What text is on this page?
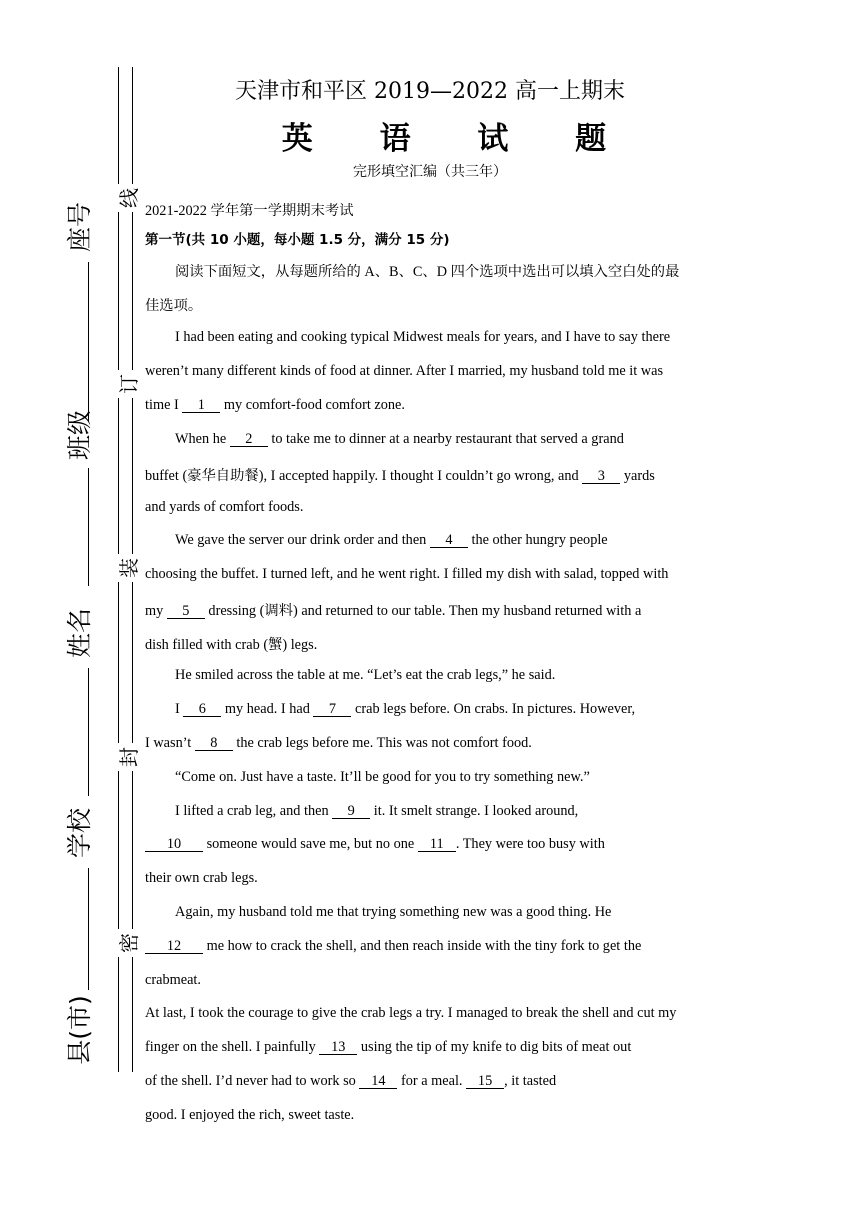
座号
班级
姓名
学校
县(市)
线
订
装
封
密
天津市和平区 2019—2022 高一上期末
英 语 试 题
完形填空汇编（共三年）
2021-2022 学年第一学期期末考试
第一节(共 10 小题，每小题 1.5 分，满分 15 分)
阅读下面短文，从每题所给的 A、B、C、D 四个选项中选出可以填入空白处的最
佳选项。
I had been eating and cooking typical Midwest meals for years, and I have to say there
weren’t many different kinds of food at dinner. After I married, my husband told me it was
time I 1 my comfort-food comfort zone.
When he 2 to take me to dinner at a nearby restaurant that served a grand
buffet (豪华自助餐), I accepted happily. I thought I couldn’t go wrong, and 3 yards
and yards of comfort foods.
We gave the server our drink order and then 4 the other hungry people
choosing the buffet. I turned left, and he went right. I filled my dish with salad, topped with
my 5 dressing (调料) and returned to our table. Then my husband returned with a
dish filled with crab (蟹) legs.
He smiled across the table at me. “Let’s eat the crab legs,” he said.
I 6 my head. I had 7 crab legs before. On crabs. In pictures. However,
I wasn’t 8 the crab legs before me. This was not comfort food.
“Come on. Just have a taste. It’ll be good for you to try something new.”
I lifted a crab leg, and then 9 it. It smelt strange. I looked around,
10 someone would save me, but no one 11 . They were too busy with
their own crab legs.
Again, my husband told me that trying something new was a good thing. He
12 me how to crack the shell, and then reach inside with the tiny fork to get the
crabmeat.
At last, I took the courage to give the crab legs a try. I managed to break the shell and cut my
finger on the shell. I painfully 13 using the tip of my knife to dig bits of meat out
of the shell. I’d never had to work so 14 for a meal. 15 , it tasted
good. I enjoyed the rich, sweet taste.
